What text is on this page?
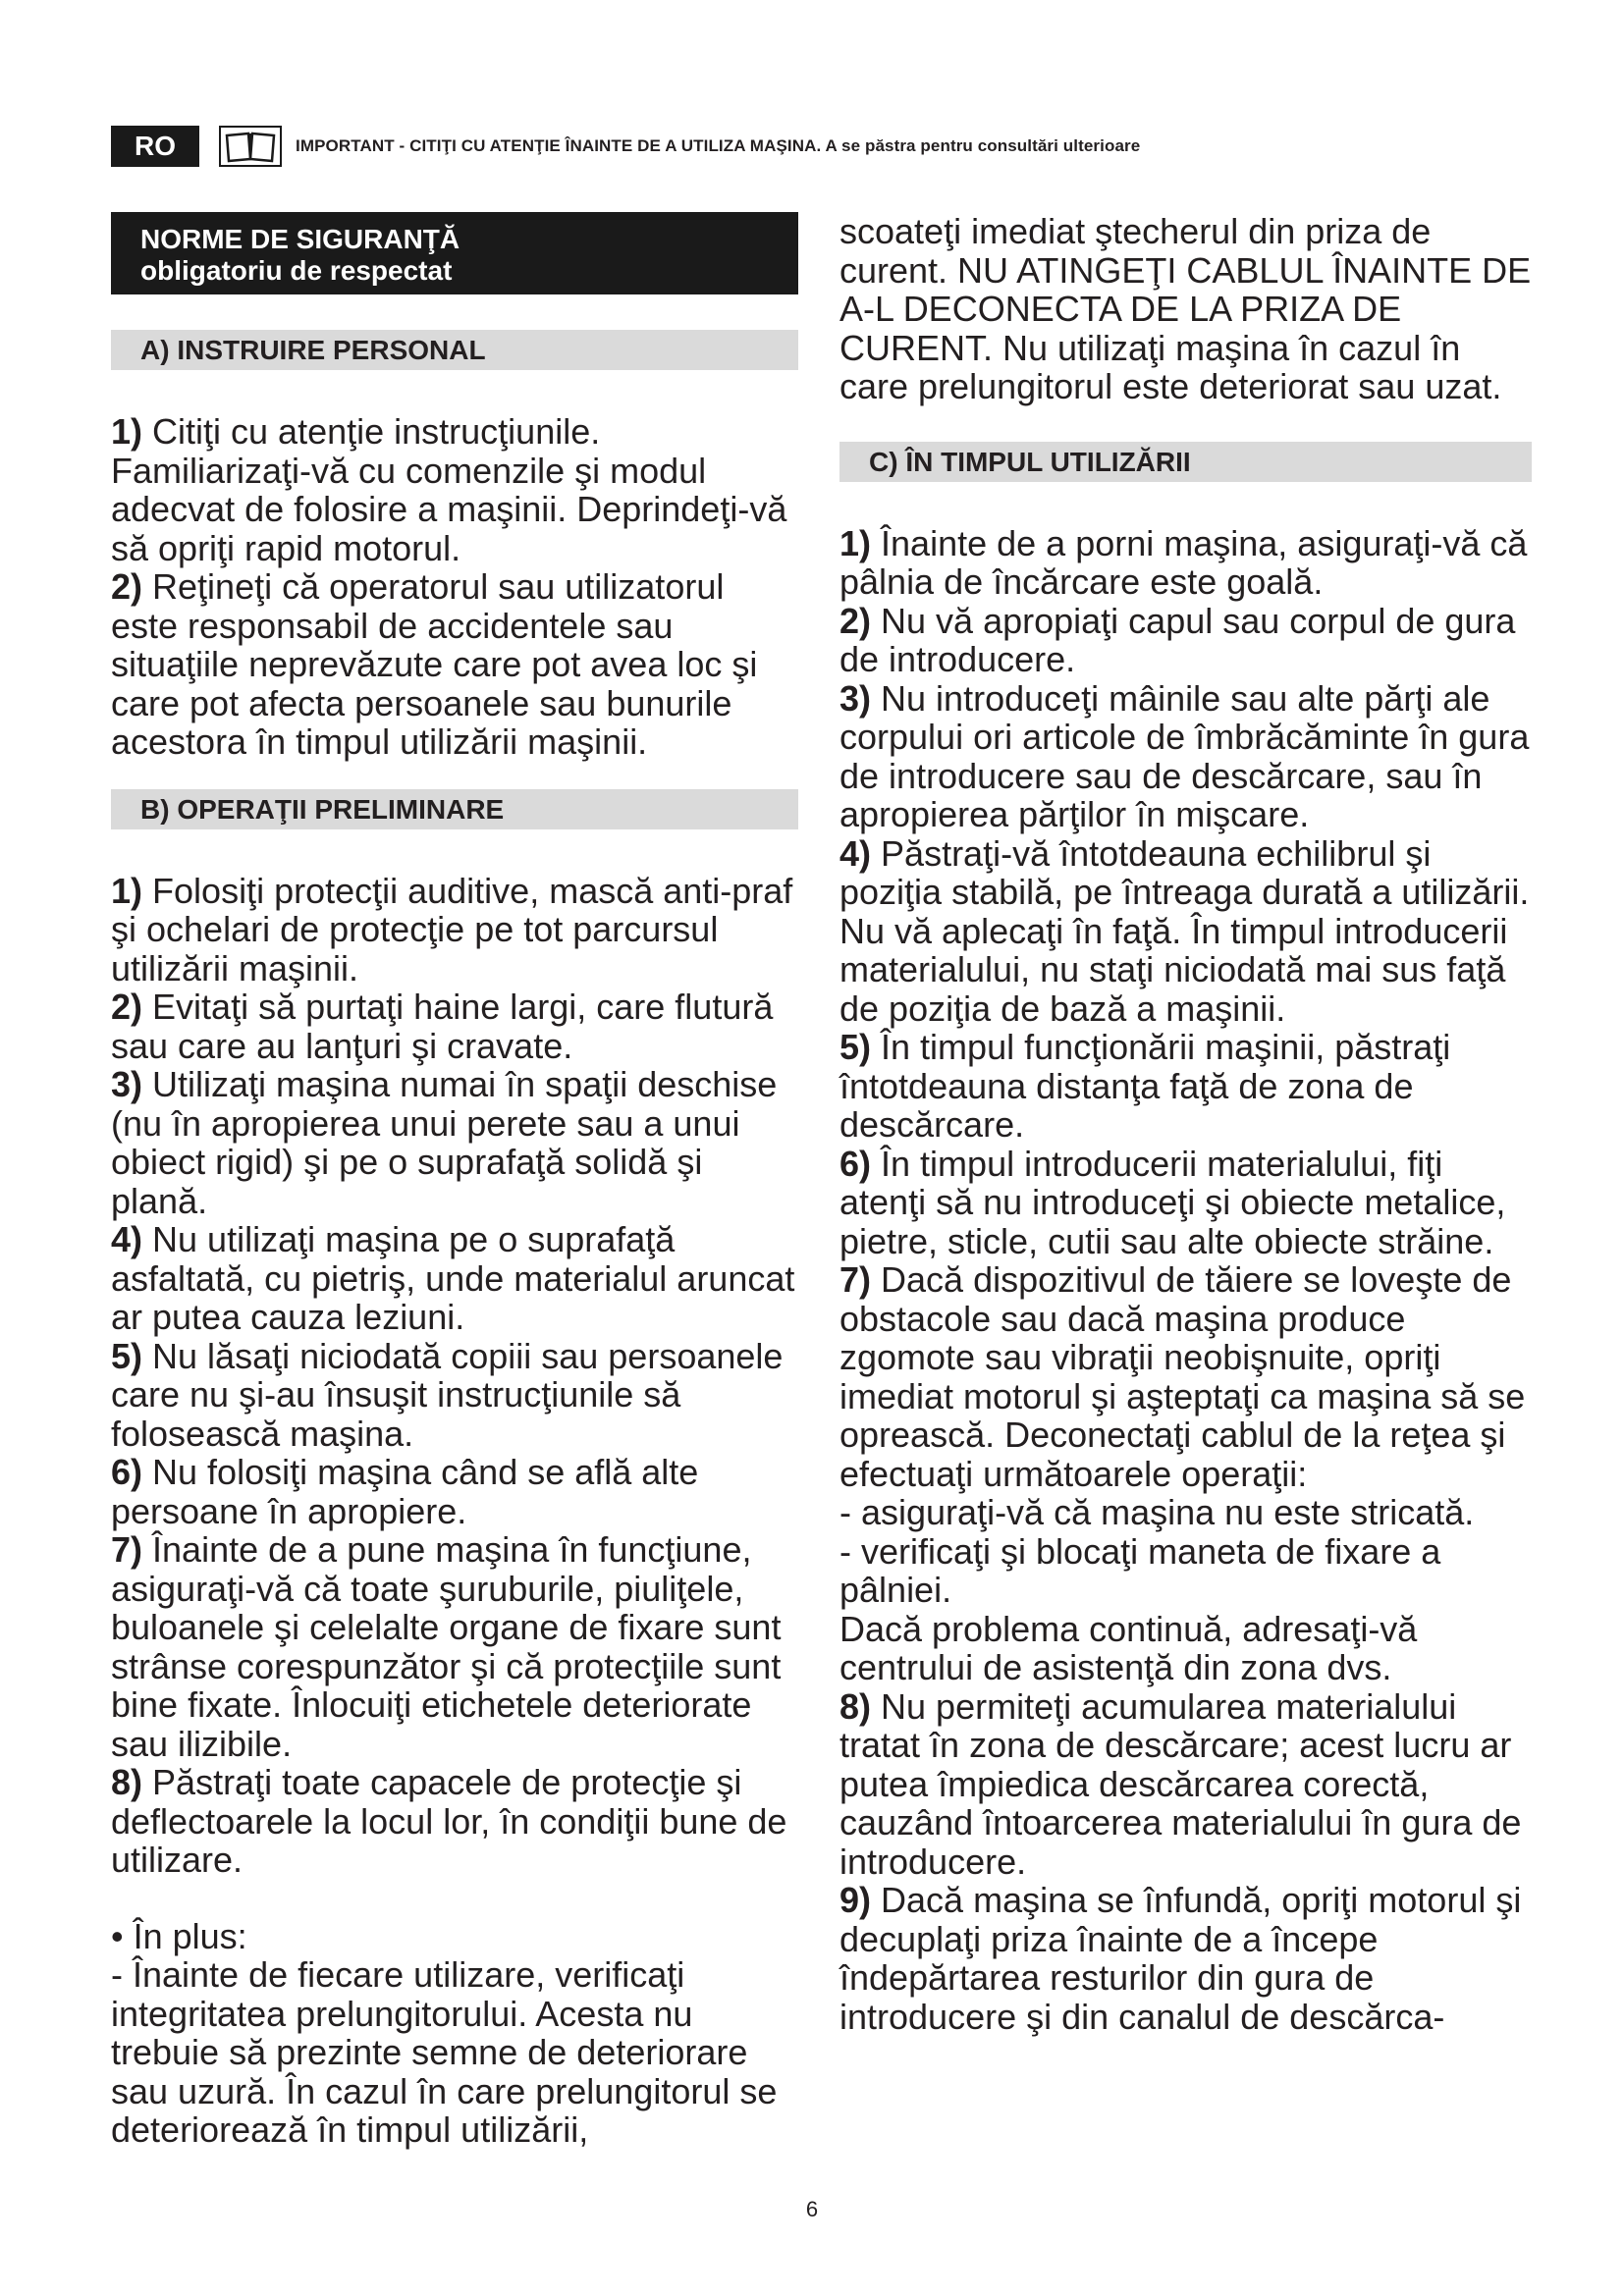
RO	IMPORTANT - CITIŢI CU ATENŢIE ÎNAINTE DE A UTILIZA MAŞINA. A se păstra pentru consultări ulterioare
NORME DE SIGURANŢĂ
obligatoriu de respectat
A) INSTRUIRE PERSONAL

1) Citiţi cu atenţie instrucţiunile. Familiarizaţi-vă cu comenzile şi modul adecvat de folosire a maşinii. Deprindeţi-vă să opriţi rapid motorul.

2) Reţineţi că operatorul sau utilizatorul este responsabil de accidentele sau situaţiile neprevăzute care pot avea loc şi care pot afecta persoanele sau bunurile acestora în timpul utilizării maşinii.

B) OPERAŢII PRELIMINARE

1) Folosiţi protecţii auditive, mască anti-praf şi ochelari de protecţie pe tot parcursul utilizării maşinii.

2) Evitaţi să purtaţi haine largi, care flutură sau care au lanţuri şi cravate.

3) Utilizaţi maşina numai în spaţii deschise (nu în apropierea unui perete sau a unui obiect rigid) şi pe o suprafaţă solidă şi plană.

4) Nu utilizaţi maşina pe o suprafaţă asfaltată, cu pietriş, unde materialul aruncat ar putea cauza leziuni.

5) Nu lăsaţi niciodată copiii sau persoanele care nu şi-au însuşit instrucţiunile să folosească maşina.

6) Nu folosiţi maşina când se află alte persoane în apropiere.

7) Înainte de a pune maşina în funcţiune, asiguraţi-vă că toate şuruburile, piuliţele, buloanele şi celelalte organe de fixare sunt strânse corespunzător şi că protecţiile sunt bine fixate. Înlocuiţi etichetele deteriorate sau ilizibile.

8) Păstraţi toate capacele de protecţie şi deflectoarele la locul lor, în condiţii bune de utilizare.

• În plus:

- Înainte de fiecare utilizare, verificaţi integritatea prelungitorului. Acesta nu trebuie să prezinte semne de deteriorare sau uzură. În cazul în care prelungitorul se deteriorează în timpul utilizării,

scoateţi imediat ştecherul din priza de curent. NU ATINGEŢI CABLUL ÎNAINTE DE A-L DECONECTA DE LA PRIZA DE CURENT. Nu utilizaţi maşina în cazul în care prelungitorul este deteriorat sau uzat.

C) ÎN TIMPUL UTILIZĂRII

1) Înainte de a porni maşina, asiguraţi-vă că pâlnia de încărcare este goală.

2) Nu vă apropiaţi capul sau corpul de gura de introducere.

3) Nu introduceţi mâinile sau alte părţi ale corpului ori articole de îmbrăcăminte în gura de introducere sau de descărcare, sau în apropierea părţilor în mişcare.

4) Păstraţi-vă întotdeauna echilibrul şi poziţia stabilă, pe întreaga durată a utilizării. Nu vă aplecaţi în faţă. În timpul introducerii materialului, nu staţi niciodată mai sus faţă de poziţia de bază a maşinii.

5) În timpul funcţionării maşinii, păstraţi întotdeauna distanţa faţă de zona de descărcare.

6) În timpul introducerii materialului, fiţi atenţi să nu introduceţi şi obiecte metalice, pietre, sticle, cutii sau alte obiecte străine.

7) Dacă dispozitivul de tăiere se loveşte de obstacole sau dacă maşina produce zgomote sau vibraţii neobişnuite, opriţi imediat motorul şi aşteptaţi ca maşina să se oprească. Deconectaţi cablul de la reţea şi efectuaţi următoarele operaţii:

- asiguraţi-vă că maşina nu este stricată.

- verificaţi şi blocaţi maneta de fixare a pâlniei.

Dacă problema continuă, adresaţi-vă centrului de asistenţă din zona dvs.

8) Nu permiteţi acumularea materialului tratat în zona de descărcare; acest lucru ar putea împiedica descărcarea corectă, cauzând întoarcerea materialului în gura de introducere.

9) Dacă maşina se înfundă, opriţi motorul şi decuplaţi priza înainte de a începe îndepărtarea resturilor din gura de introducere şi din canalul de descărca-

6
